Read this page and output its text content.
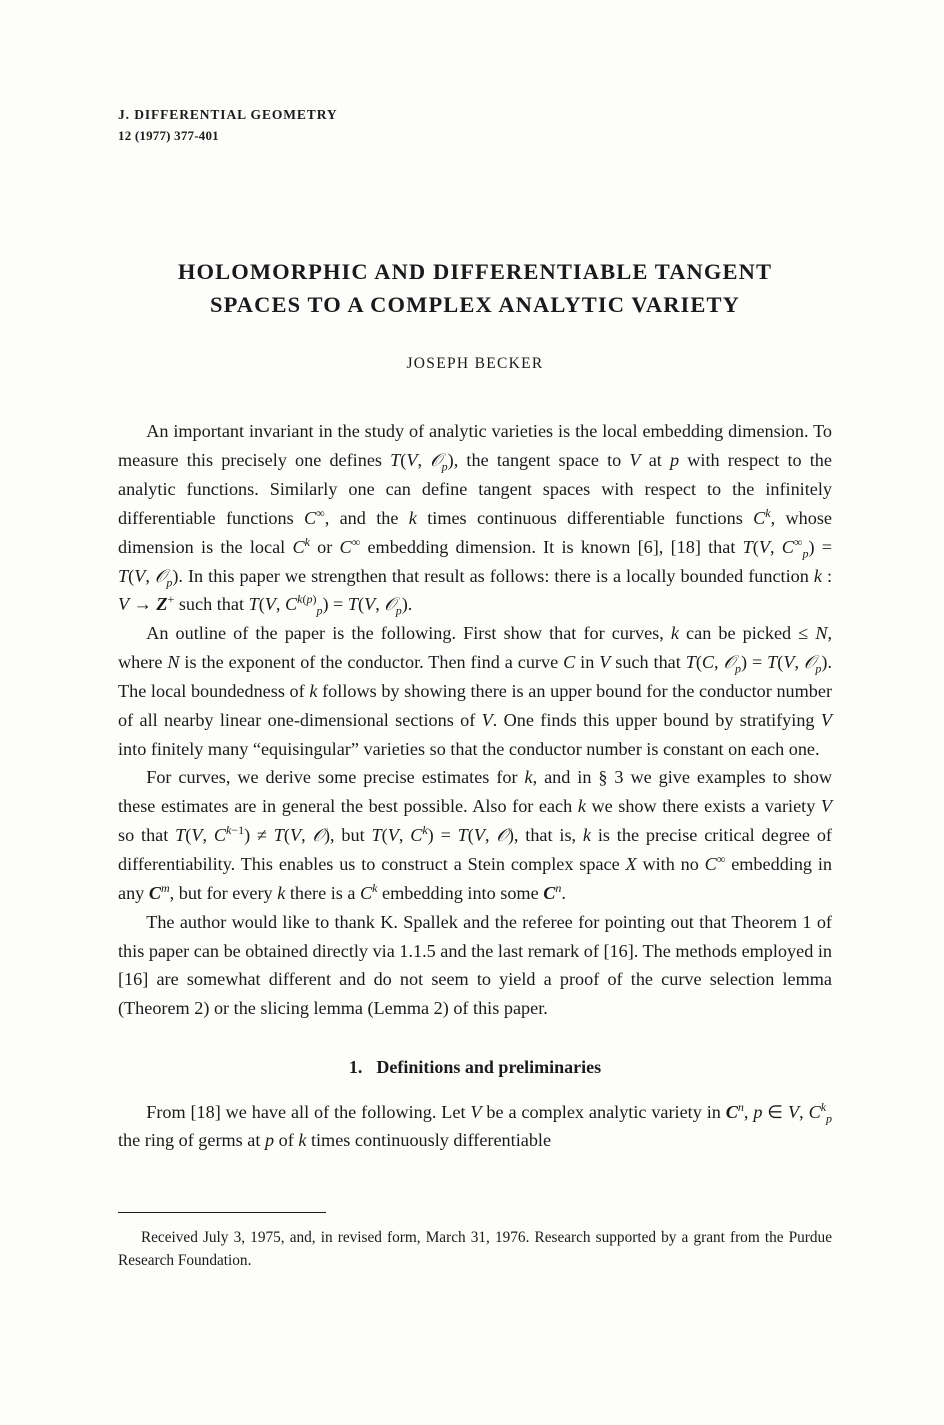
J. DIFFERENTIAL GEOMETRY
12 (1977) 377-401
HOLOMORPHIC AND DIFFERENTIABLE TANGENT
SPACES TO A COMPLEX ANALYTIC VARIETY
JOSEPH BECKER

An important invariant in the study of analytic varieties is the local embedding dimension. To measure this precisely one defines T(V, 𝒪$_p$), the tangent space to V at p with respect to the analytic functions. Similarly one can define tangent spaces with respect to the infinitely differentiable functions C∞, and the k times continuous differentiable functions $C^k$, whose dimension is the local $C^k$ or C∞ embedding dimension. It is known [6], [18] that T(V, $C^\infty_p) = T(V$, 𝒪$_p$). In this paper we strengthen that result as follows: there is a locally bounded function k : V → Z+ such that T(V, $C^{k(p)}_p) = T(V$, 𝒪$_p$).

An outline of the paper is the following. First show that for curves, k can be picked ≤ N, where N is the exponent of the conductor. Then find a curve C in V such that T(C, 𝒪$_p$) = T(V, 𝒪$_p$). The local boundedness of k follows by showing there is an upper bound for the conductor number of all nearby linear one-dimensional sections of V. One finds this upper bound by stratifying V into finitely many “equisingular” varieties so that the conductor number is constant on each one.

For curves, we derive some precise estimates for k, and in § 3 we give examples to show these estimates are in general the best possible. Also for each k we show there exists a variety V so that T(V, $C^{k-1}) \ne T(V$, 𝒪), but T(V, $C^k) = T(V$, 𝒪), that is, k is the precise critical degree of differentiability. This enables us to construct a Stein complex space X with no C∞ embedding in any $C^m$, but for every k there is a $C^k$ embedding into some $C^n$.

The author would like to thank K. Spallek and the referee for pointing out that Theorem 1 of this paper can be obtained directly via 1.1.5 and the last remark of [16]. The methods employed in [16] are somewhat different and do not seem to yield a proof of the curve selection lemma (Theorem 2) or the slicing lemma (Lemma 2) of this paper.

1. Definitions and preliminaries

From [18] we have all of the following. Let V be a complex analytic variety in $C^n$, p ∈ V, $C^k_p$ the ring of germs at p of k times continuously differentiable

Received July 3, 1975, and, in revised form, March 31, 1976. Research supported by a grant from the Purdue Research Foundation.
